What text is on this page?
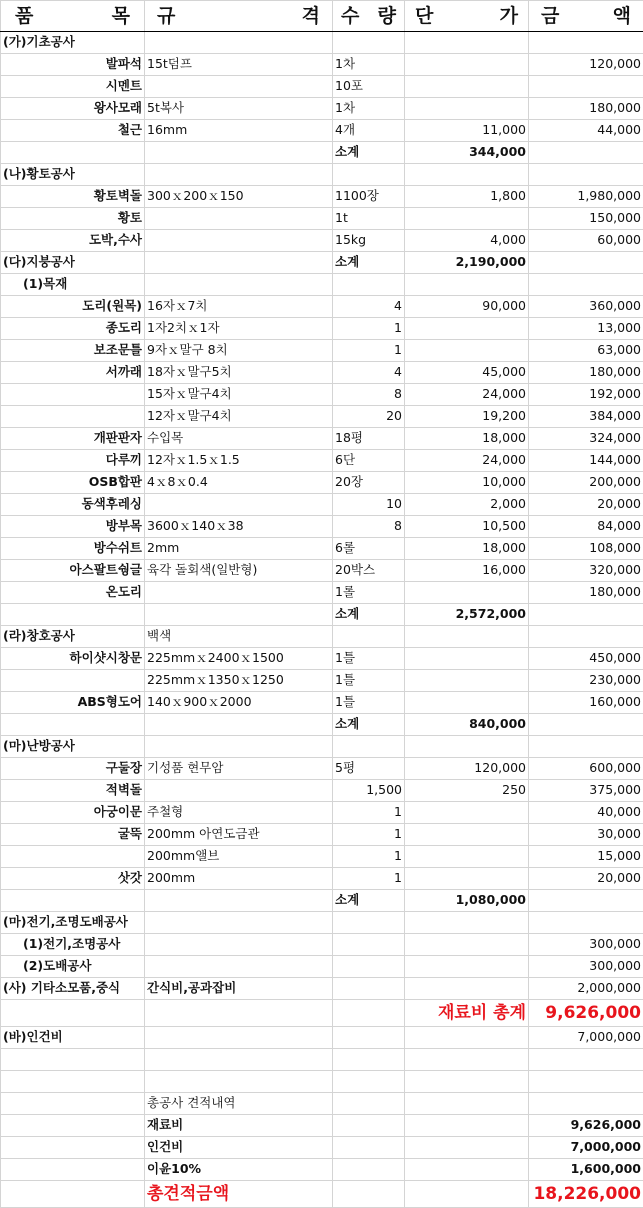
품 목	규 격	수 량	단 가	금 액
(가)기초공사				
발파석	15t덤프	1차		120,000
시멘트		10포		
왕사모래	5t복사	1차		180,000
철근	16mm	4개	11,000	44,000
		소계	344,000	
(나)황토공사				
황토벽돌	300ｘ200ｘ150	1100장	1,800	1,980,000
황토		1t		150,000
도박,수사		15kg	4,000	60,000
(다)지붕공사		소계	2,190,000	
(1)목재				
도리(원목)	16자ｘ7치	4	90,000	360,000
종도리	1자2치ｘ1자	1		13,000
보조문틀	9자ｘ말구 8치	1		63,000
서까래	18자ｘ말구5치	4	45,000	180,000
	15자ｘ말구4치	8	24,000	192,000
	12자ｘ말구4치	20	19,200	384,000
개판판자	수입목	18평	18,000	324,000
다루끼	12자ｘ1.5ｘ1.5	6단	24,000	144,000
OSB합판	4ｘ8ｘ0.4	20장	10,000	200,000
동색후레싱		10	2,000	20,000
방부목	3600ｘ140ｘ38	8	10,500	84,000
방수쉬트	2mm	6롤	18,000	108,000
아스팔트쉉글	육각 돌회색(일반형)	20박스	16,000	320,000
온도리		1롤		180,000
		소계	2,572,000	
(라)창호공사	백색			
하이샷시창문	225mmｘ2400ｘ1500	1틀		450,000
	225mmｘ1350ｘ1250	1틀		230,000
ABS형도어	140ｘ900ｘ2000	1틀		160,000
		소계	840,000	
(마)난방공사				
구둘장	기성품 현무암	5평	120,000	600,000
적벽돌		1,500	250	375,000
아궁이문	주철형	1		40,000
굴뚝	200mm 아연도금관	1		30,000
	200mm앨브	1		15,000
삿갓	200mm	1		20,000
		소계	1,080,000	
(마)전기,조명도배공사				
(1)전기,조명공사				300,000
(2)도배공사				300,000
(사) 기타소모품,중식	간식비,공과잡비			2,000,000
			재료비 총계	9,626,000
(바)인건비				7,000,000

	총공사 견적내역			
	재료비			9,626,000
	인건비			7,000,000
	이윤10%			1,600,000
	총견적금액			18,226,000
